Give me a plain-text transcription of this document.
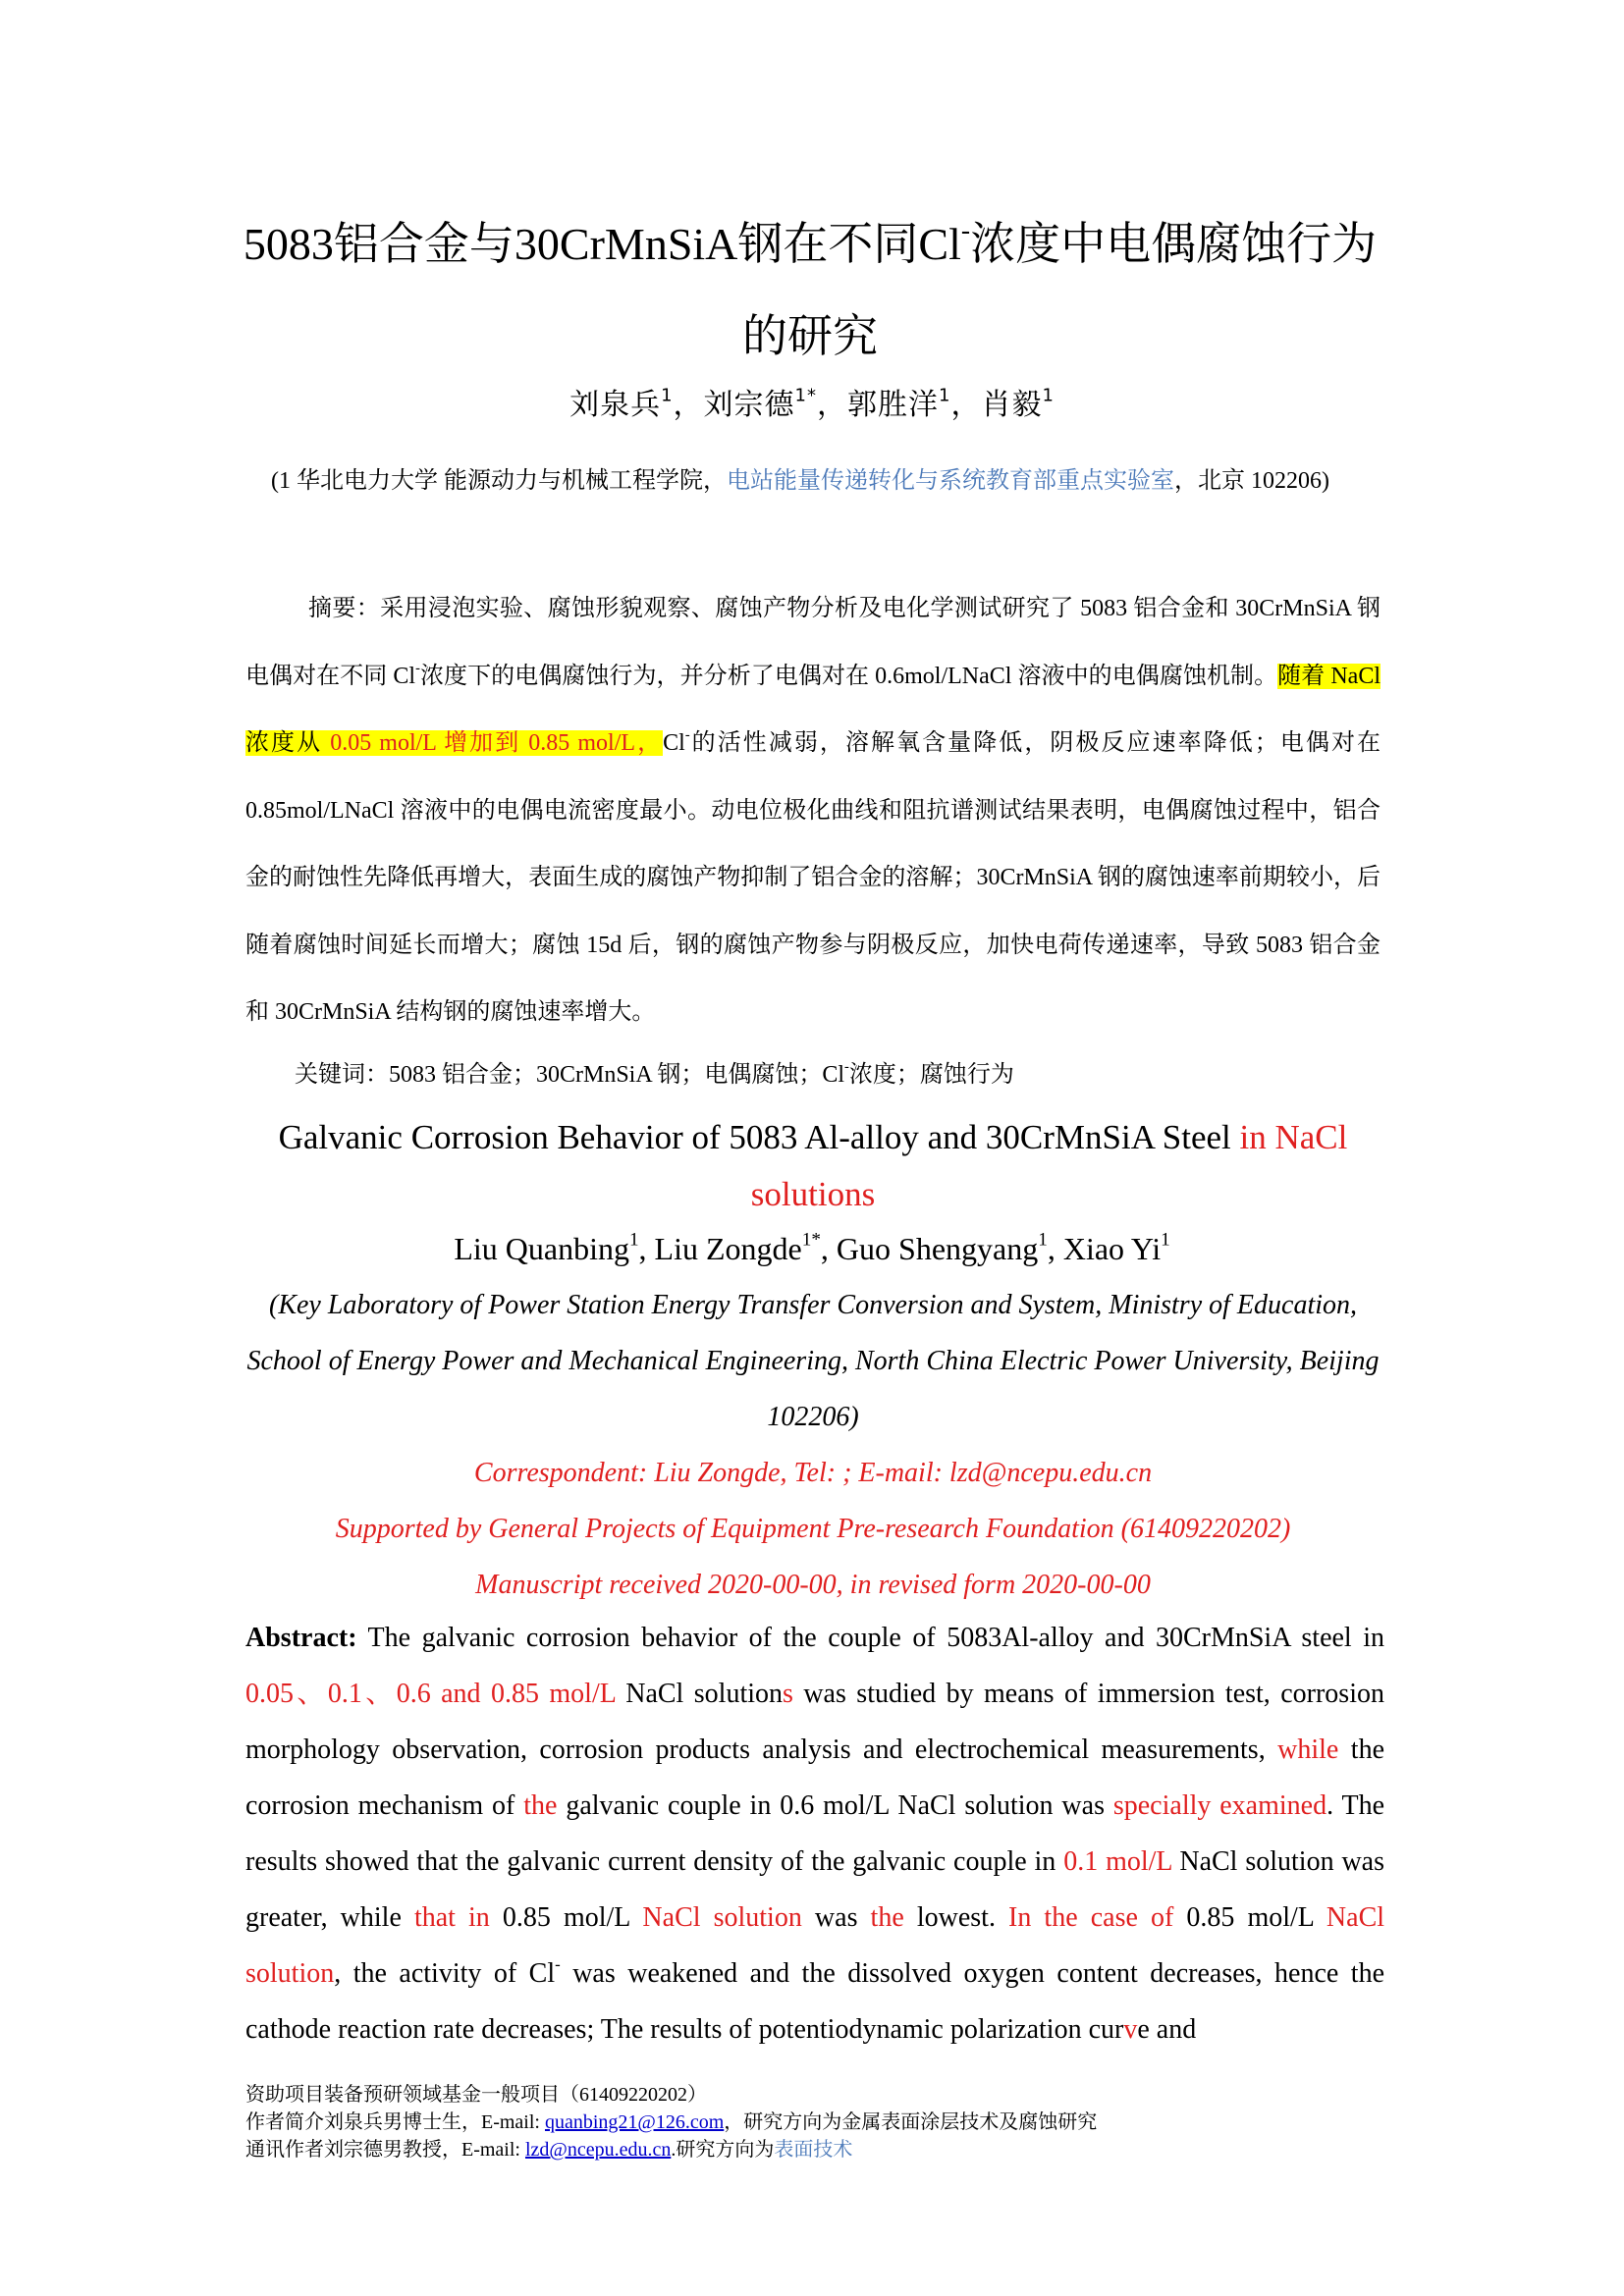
5083铝合金与30CrMnSiA钢在不同Cl-浓度中电偶腐蚀行为的研究
刘泉兵$^1$，刘宗德$^{1*}$，郭胜洋$^1$，肖毅$^1$
(1 华北电力大学 能源动力与机械工程学院，电站能量传递转化与系统教育部重点实验室，北京 102206)

摘要：采用浸泡实验、腐蚀形貌观察、腐蚀产物分析及电化学测试研究了 5083 铝合金和 30CrMnSiA 钢电偶对在不同 Cl-浓度下的电偶腐蚀行为，并分析了电偶对在 0.6mol/LNaCl 溶液中的电偶腐蚀机制。随着 NaCl 浓度从 0.05 mol/L 增加到 0.85 mol/L，Cl-的活性减弱，溶解氧含量降低，阴极反应速率降低；电偶对在 0.85mol/LNaCl 溶液中的电偶电流密度最小。动电位极化曲线和阻抗谱测试结果表明，电偶腐蚀过程中，铝合金的耐蚀性先降低再增大，表面生成的腐蚀产物抑制了铝合金的溶解；30CrMnSiA 钢的腐蚀速率前期较小，后随着腐蚀时间延长而增大；腐蚀 15d 后，钢的腐蚀产物参与阴极反应，加快电荷传递速率，导致 5083 铝合金和 30CrMnSiA 结构钢的腐蚀速率增大。

关键词：5083 铝合金；30CrMnSiA 钢；电偶腐蚀；Cl-浓度；腐蚀行为

Galvanic Corrosion Behavior of 5083 Al-alloy and 30CrMnSiA Steel in NaCl solutions
Liu Quanbing$^1$, Liu Zongde$^{1*}$, Guo Shengyang$^1$, Xiao Yi$^1$
(Key Laboratory of Power Station Energy Transfer Conversion and System, Ministry of Education, School of Energy Power and Mechanical Engineering, North China Electric Power University, Beijing 102206)
Correspondent: Liu Zongde, Tel: ; E-mail: lzd@ncepu.edu.cn
Supported by General Projects of Equipment Pre-research Foundation (61409220202)
Manuscript received 2020-00-00, in revised form 2020-00-00

Abstract: The galvanic corrosion behavior of the couple of 5083Al-alloy and 30CrMnSiA steel in 0.05、0.1、0.6 and 0.85 mol/L NaCl solutions was studied by means of immersion test, corrosion morphology observation, corrosion products analysis and electrochemical measurements, while the corrosion mechanism of the galvanic couple in 0.6 mol/L NaCl solution was specially examined. The results showed that the galvanic current density of the galvanic couple in 0.1 mol/L NaCl solution was greater, while that in 0.85 mol/L NaCl solution was the lowest. In the case of 0.85 mol/L NaCl solution, the activity of Cl- was weakened and the dissolved oxygen content decreases, hence the cathode reaction rate decreases; The results of potentiodynamic polarization curve and

资助项目装备预研领域基金一般项目（61409220202）
作者简介刘泉兵男博士生，E-mail: quanbing21@126.com，研究方向为金属表面涂层技术及腐蚀研究
通讯作者刘宗德男教授，E-mail: lzd@ncepu.edu.cn.研究方向为表面技术
